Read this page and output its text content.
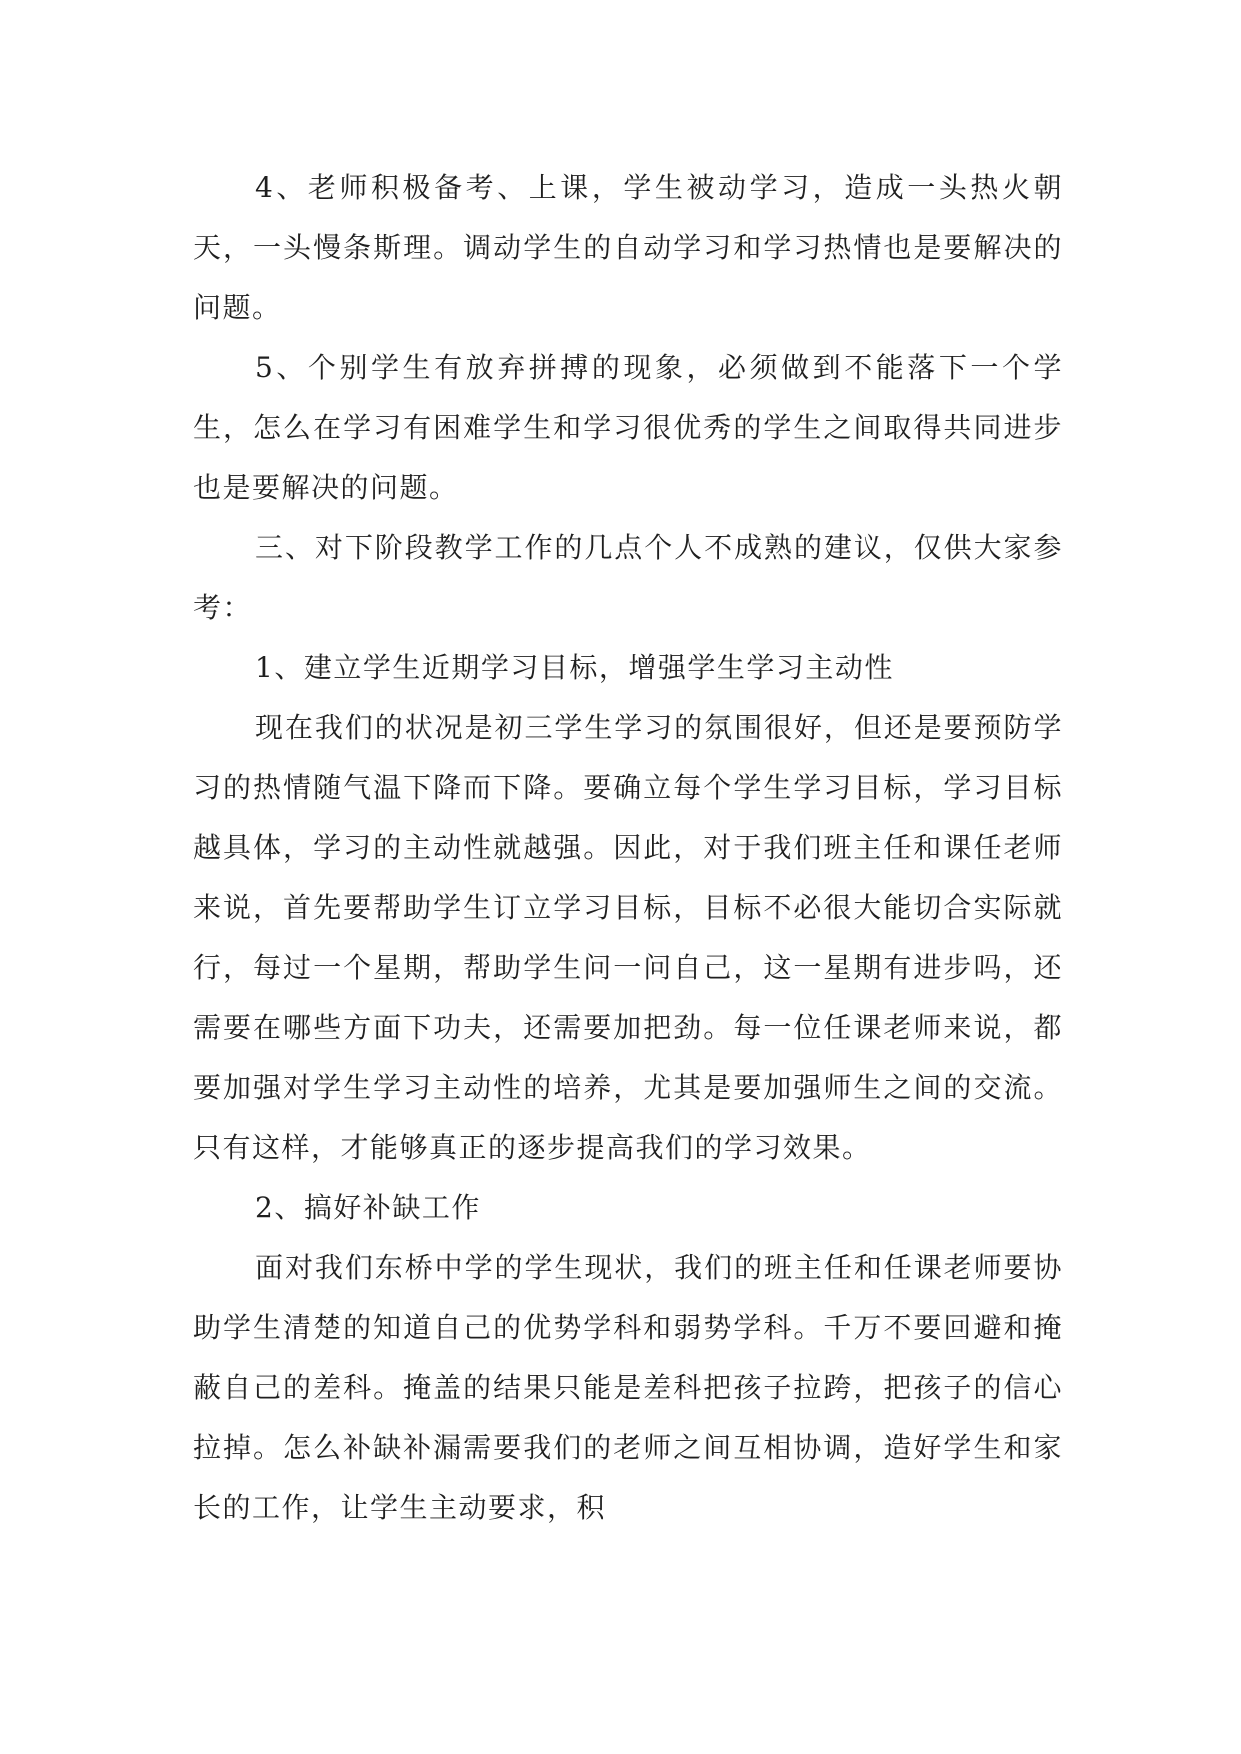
4、老师积极备考、上课，学生被动学习，造成一头热火朝天，一头慢条斯理。调动学生的自动学习和学习热情也是要解决的问题。

5、个别学生有放弃拼搏的现象，必须做到不能落下一个学生，怎么在学习有困难学生和学习很优秀的学生之间取得共同进步也是要解决的问题。

三、对下阶段教学工作的几点个人不成熟的建议，仅供大家参考：

1、建立学生近期学习目标，增强学生学习主动性

现在我们的状况是初三学生学习的氛围很好，但还是要预防学习的热情随气温下降而下降。要确立每个学生学习目标，学习目标越具体，学习的主动性就越强。因此，对于我们班主任和课任老师来说，首先要帮助学生订立学习目标，目标不必很大能切合实际就行，每过一个星期，帮助学生问一问自己，这一星期有进步吗，还需要在哪些方面下功夫，还需要加把劲。每一位任课老师来说，都要加强对学生学习主动性的培养，尤其是要加强师生之间的交流。只有这样，才能够真正的逐步提高我们的学习效果。

2、搞好补缺工作

面对我们东桥中学的学生现状，我们的班主任和任课老师要协助学生清楚的知道自己的优势学科和弱势学科。千万不要回避和掩蔽自己的差科。掩盖的结果只能是差科把孩子拉跨，把孩子的信心拉掉。怎么补缺补漏需要我们的老师之间互相协调，造好学生和家长的工作，让学生主动要求，积
